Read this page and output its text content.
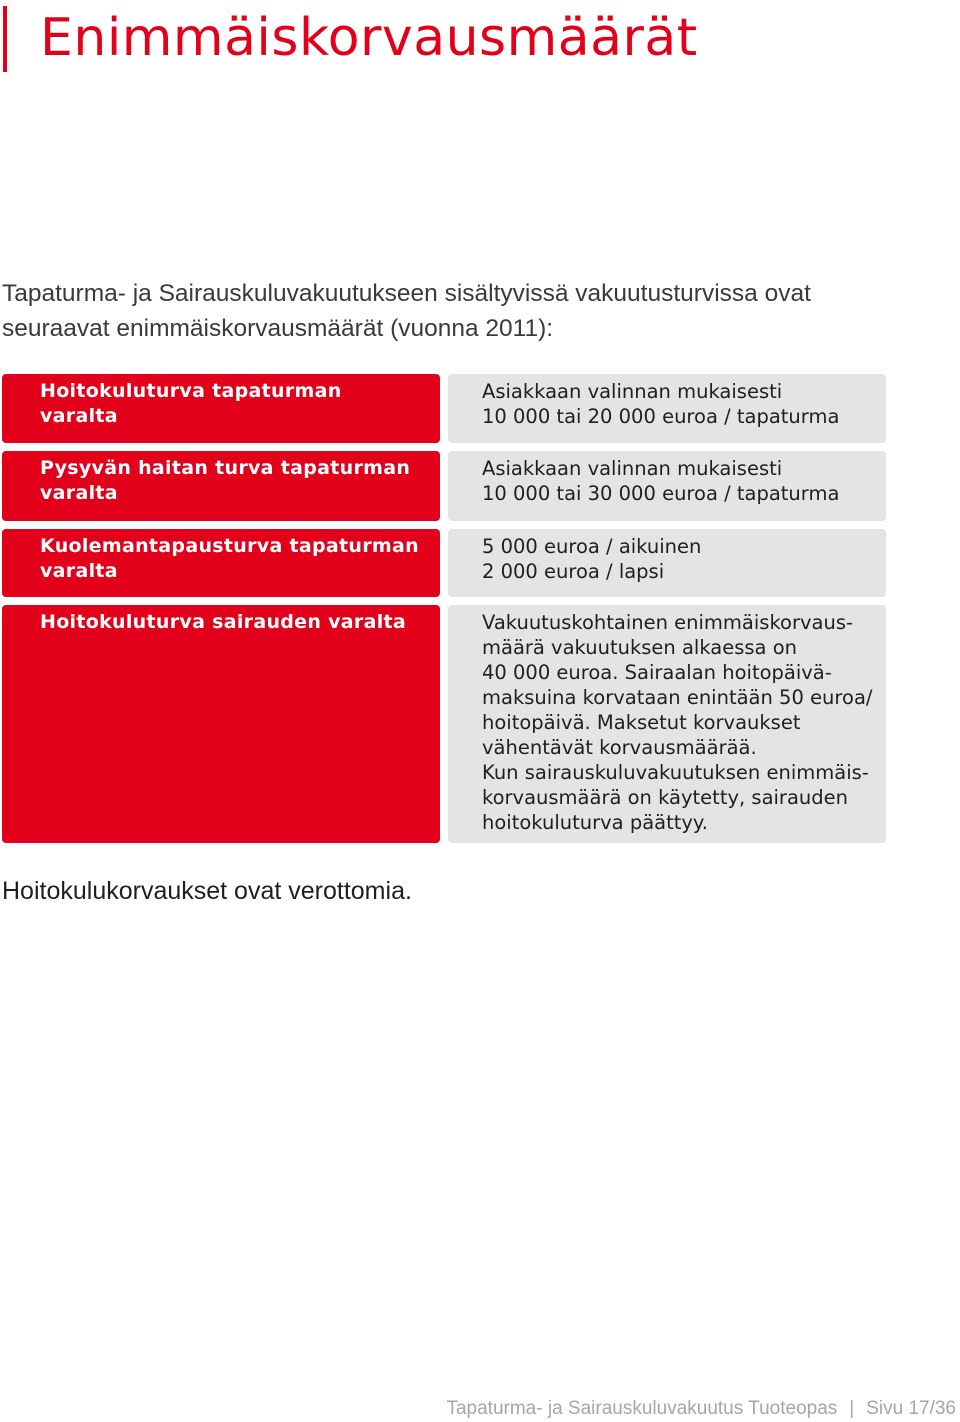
Enimmäiskorvausmäärät

Tapaturma- ja Sairauskuluvakuutukseen sisältyvissä vakuutusturvissa ovat

seuraavat enimmäiskorvausmäärät (vuonna 2011):

Hoitokuluturva tapaturman varalta
Asiakkaan valinnan mukaisesti
10 000 tai 20 000 euroa / tapaturma
Pysyvän haitan turva tapaturman varalta
Asiakkaan valinnan mukaisesti
10 000 tai 30 000 euroa / tapaturma
Kuolemantapausturva tapaturman varalta
5 000 euroa / aikuinen
2 000 euroa / lapsi
Hoitokuluturva sairauden varalta	Vakuutuskohtainen enimmäiskorvaus-
määrä vakuutuksen alkaessa on
40 000 euroa. Sairaalan hoitopäivä-
maksuina korvataan enintään 50 euroa/
hoitopäivä. Maksetut korvaukset
vähentävät korvausmäärää.
Kun sairauskuluvakuutuksen enimmäis-
korvausmäärä on käytetty, sairauden
hoitokuluturva päättyy.
Hoitokulukorvaukset ovat verottomia.
Tapaturma- ja Sairauskuluvakuutus Tuoteopas | Sivu 17/36
